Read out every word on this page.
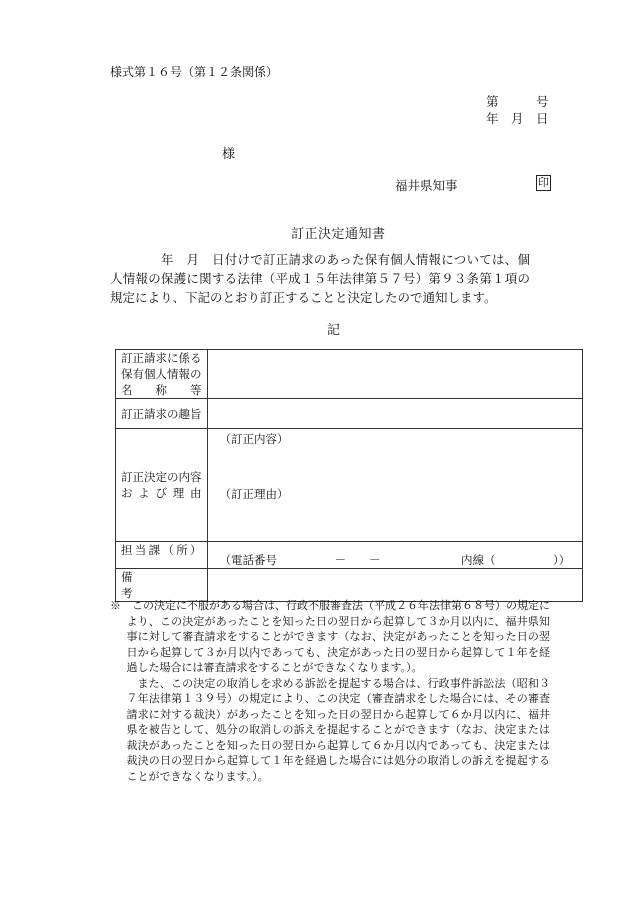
様式第１６号（第１２条関係）
第　　　号
年　月　日
様
福井県知事	印
訂正決定通知書
　　　　年　月　日付けで訂正請求のあった保有個人情報については、個人情報の保護に関する法律（平成１５年法律第５７号）第９３条第１項の規定により、下記のとおり訂正することと決定したので通知します。
記
訂正請求に係る保有個人情報の名称等	
訂正請求の趣旨	
訂正決定の内容および理由	（訂正内容）
（訂正理由）

担当課（所）	（電話番号　　　　　－　　－　　　　　　　内線（　　　　　））
備　　　　　　考	

※　この決定に不服がある場合は、行政不服審査法（平成２６年法律第６８号）の規定により、この決定があったことを知った日の翌日から起算して３か月以内に、福井県知事に対して審査請求をすることができます（なお、決定があったことを知った日の翌日から起算して３か月以内であっても、決定があった日の翌日から起算して１年を経過した場合には審査請求をすることができなくなります。）。

また、この決定の取消しを求める訴訟を提起する場合は、行政事件訴訟法（昭和３７年法律第１３９号）の規定により、この決定（審査請求をした場合には、その審査請求に対する裁決）があったことを知った日の翌日から起算して６か月以内に、福井県を被告として、処分の取消しの訴えを提起することができます（なお、決定または裁決があったことを知った日の翌日から起算して６か月以内であっても、決定または裁決の日の翌日から起算して１年を経過した場合には処分の取消しの訴えを提起することができなくなります。）。
